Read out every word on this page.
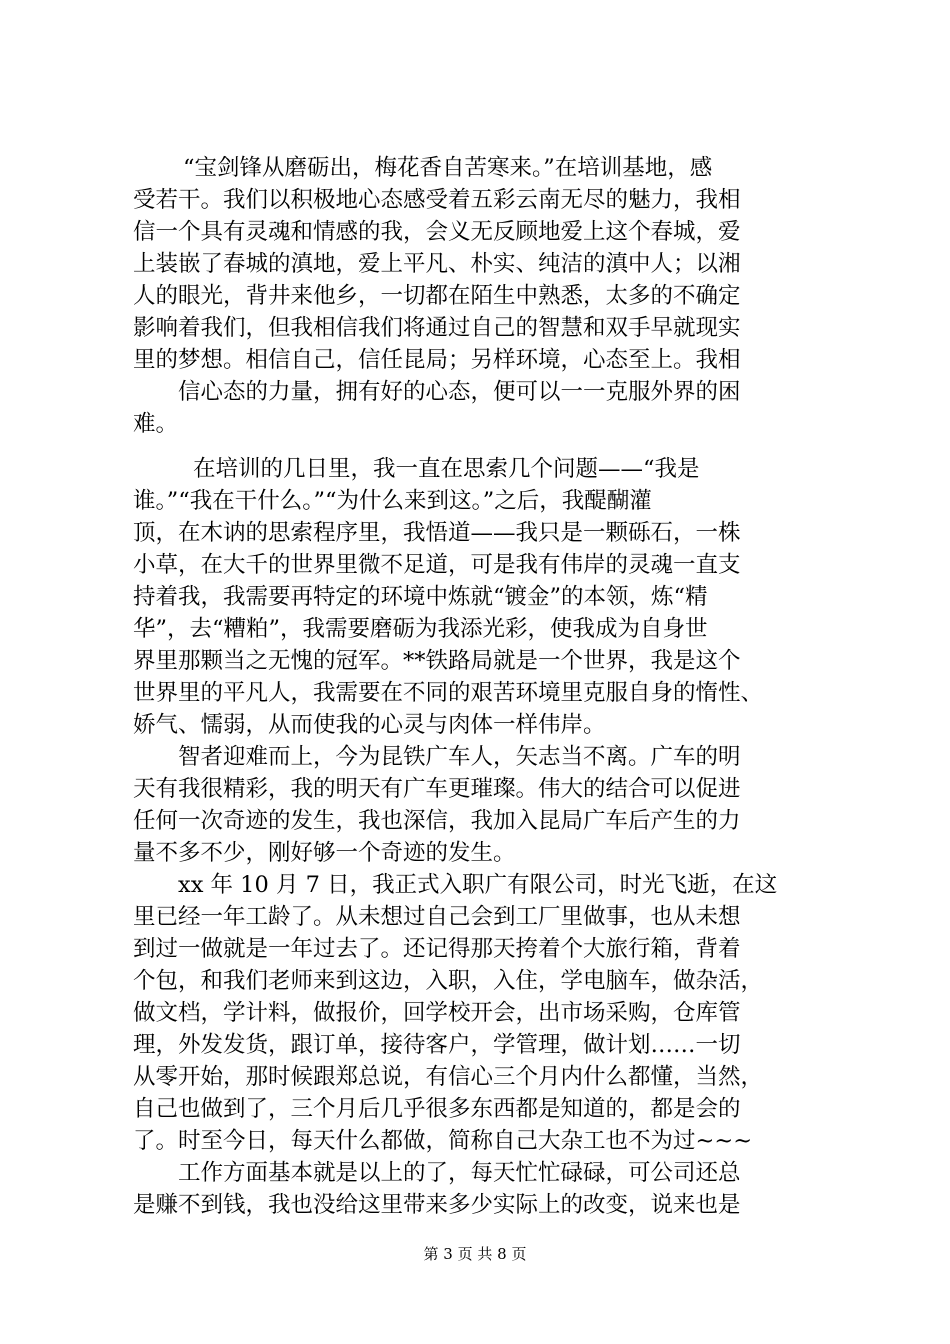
“宝剑锋从磨砺出，梅花香自苦寒来。”在培训基地，感
受若干。我们以积极地心态感受着五彩云南无尽的魅力，我相
信一个具有灵魂和情感的我，会义无反顾地爱上这个春城，爱
上装嵌了春城的滇地，爱上平凡、朴实、纯洁的滇中人；以湘
人的眼光，背井来他乡，一切都在陌生中熟悉，太多的不确定
影响着我们，但我相信我们将通过自己的智慧和双手早就现实
里的梦想。相信自己，信任昆局；另样环境，心态至上。我相
信心态的力量，拥有好的心态，便可以一一克服外界的困
难。
在培训的几日里，我一直在思索几个问题——“我是
谁。”“我在干什么。”“为什么来到这。”之后，我醍醐灌
顶，在木讷的思索程序里，我悟道——我只是一颗砾石，一株
小草，在大千的世界里微不足道，可是我有伟岸的灵魂一直支
持着我，我需要再特定的环境中炼就“镀金”的本领，炼“精
华”，去“糟粕”，我需要磨砺为我添光彩，使我成为自身世
界里那颗当之无愧的冠军。**铁路局就是一个世界，我是这个
世界里的平凡人，我需要在不同的艰苦环境里克服自身的惰性、
娇气、懦弱，从而使我的心灵与肉体一样伟岸。
智者迎难而上，今为昆铁广车人，矢志当不离。广车的明
天有我很精彩，我的明天有广车更璀璨。伟大的结合可以促进
任何一次奇迹的发生，我也深信，我加入昆局广车后产生的力
量不多不少，刚好够一个奇迹的发生。
xx 年 10 月 7 日，我正式入职广有限公司，时光飞逝，在这
里已经一年工龄了。从未想过自己会到工厂里做事，也从未想
到过一做就是一年过去了。还记得那天挎着个大旅行箱，背着
个包，和我们老师来到这边，入职，入住，学电脑车，做杂活，
做文档，学计料，做报价，回学校开会，出市场采购，仓库管
理，外发发货，跟订单，接待客户，学管理，做计划……一切
从零开始，那时候跟郑总说，有信心三个月内什么都懂，当然，
自己也做到了，三个月后几乎很多东西都是知道的，都是会的
了。时至今日，每天什么都做，简称自己大杂工也不为过~~~
工作方面基本就是以上的了，每天忙忙碌碌，可公司还总
是赚不到钱，我也没给这里带来多少实际上的改变，说来也是
第 3 页 共 8 页
